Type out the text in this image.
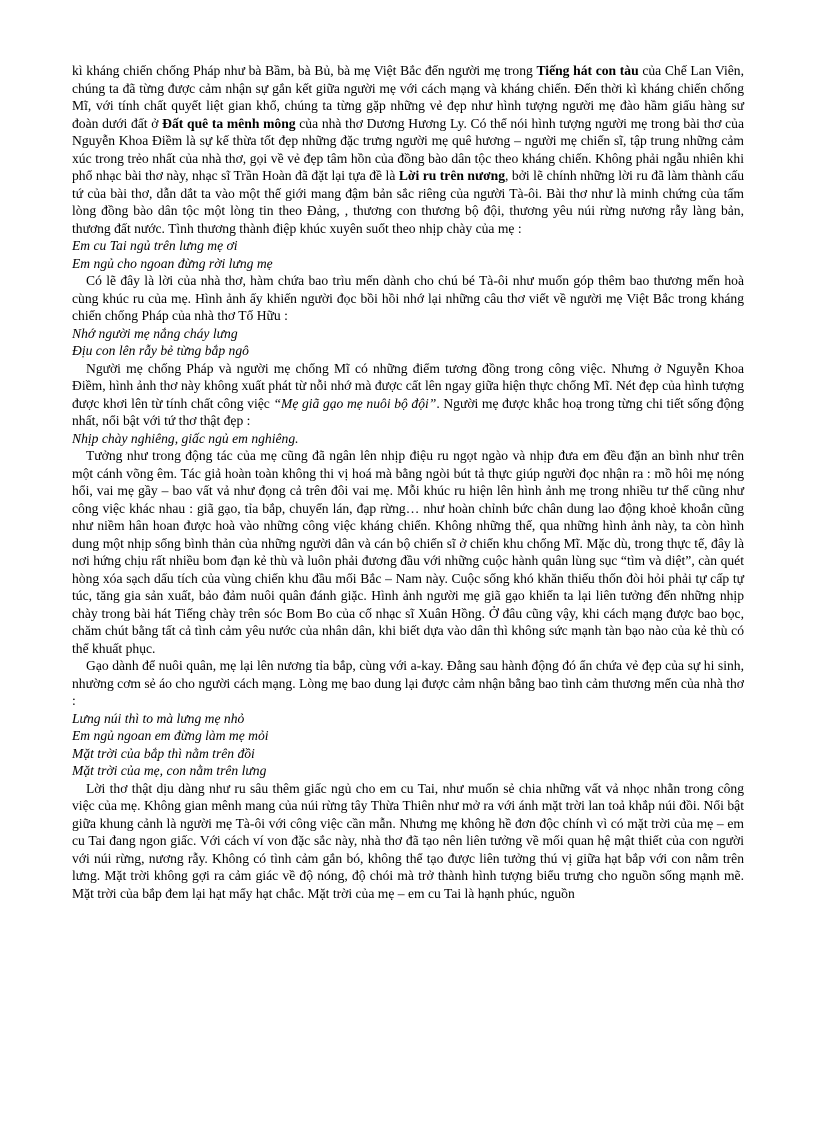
kì kháng chiến chống Pháp như bà Bầm, bà Bủ, bà mẹ Việt Bắc đến người mẹ trong Tiếng hát con tàu của Chế Lan Viên, chúng ta đã từng được cảm nhận sự gắn kết giữa người mẹ với cách mạng và kháng chiến. Đến thời kì kháng chiến chống Mĩ, với tính chất quyết liệt gian khổ, chúng ta từng gặp những vẻ đẹp như hình tượng người mẹ đào hầm giấu hàng sư đoàn dưới đất ở Đất quê ta mênh mông của nhà thơ Dương Hương Ly. Có thể nói hình tượng người mẹ trong bài thơ của Nguyễn Khoa Điềm là sự kế thừa tốt đẹp những đặc trưng người mẹ quê hương – người mẹ chiến sĩ, tập trung những cảm xúc trong trẻo nhất của nhà thơ, gọi về vẻ đẹp tâm hồn của đồng bào dân tộc theo kháng chiến. Không phải ngẫu nhiên khi phổ nhạc bài thơ này, nhạc sĩ Trần Hoàn đã đặt lại tựa đề là Lời ru trên nương, bởi lẽ chính những lời ru đã làm thành cấu tứ của bài thơ, dẫn dắt ta vào một thế giới mang đậm bản sắc riêng của người Tà-ôi. Bài thơ như là minh chứng của tấm lòng đồng bào dân tộc một lòng tin theo Đảng, , thương con thương bộ đội, thương yêu núi rừng nương rẫy làng bản, thương đất nước. Tình thương thành điệp khúc xuyên suốt theo nhịp chày của mẹ :

Em cu Tai ngủ trên lưng mẹ ơi

Em ngủ cho ngoan đừng rời lưng mẹ

Có lẽ đây là lời của nhà thơ, hàm chứa bao trìu mến dành cho chú bé Tà-ôi như muốn góp thêm bao thương mến hoà cùng khúc ru của mẹ. Hình ảnh ấy khiến người đọc bồi hồi nhớ lại những câu thơ viết về người mẹ Việt Bắc trong kháng chiến chống Pháp của nhà thơ Tố Hữu :

Nhớ người mẹ nắng cháy lưng

Địu con lên rẫy bẻ từng bắp ngô

Người mẹ chống Pháp và người mẹ chống Mĩ có những điểm tương đồng trong công việc. Nhưng ở Nguyễn Khoa Điềm, hình ảnh thơ này không xuất phát từ nỗi nhớ mà được cất lên ngay giữa hiện thực chống Mĩ. Nét đẹp của hình tượng được khơi lên từ tính chất công việc “Mẹ giã gạo mẹ nuôi bộ đội”. Người mẹ được khắc hoạ trong từng chi tiết sống động nhất, nổi bật với tứ thơ thật đẹp :

Nhịp chày nghiêng, giấc ngủ em nghiêng.

Tưởng như trong động tác của mẹ cũng đã ngân lên nhịp điệu ru ngọt ngào và nhịp đưa em đều đặn an bình như trên một cánh võng êm. Tác giả hoàn toàn không thi vị hoá mà bằng ngòi bút tả thực giúp người đọc nhận ra : mồ hôi mẹ nóng hổi, vai mẹ gầy – bao vất vả như đọng cả trên đôi vai mẹ. Mỗi khúc ru hiện lên hình ảnh mẹ trong nhiều tư thế cũng như công việc khác nhau : giã gạo, tỉa bắp, chuyển lán, đạp rừng… như hoàn chỉnh bức chân dung lao động khoẻ khoắn cũng như niềm hân hoan được hoà vào những công việc kháng chiến. Không những thế, qua những hình ảnh này, ta còn hình dung một nhịp sống bình thản của những người dân và cán bộ chiến sĩ ở chiến khu chống Mĩ. Mặc dù, trong thực tế, đây là nơi hứng chịu rất nhiều bom đạn kẻ thù và luôn phải đương đầu với những cuộc hành quân lùng sục “tìm và diệt”, càn quét hòng xóa sạch dấu tích của vùng chiến khu đầu mối Bắc – Nam này. Cuộc sống khó khăn thiếu thốn đòi hỏi phải tự cấp tự túc, tăng gia sản xuất, bảo đảm nuôi quân đánh giặc. Hình ảnh người mẹ giã gạo khiến ta lại liên tưởng đến những nhịp chày trong bài hát Tiếng chày trên sóc Bom Bo của cố nhạc sĩ Xuân Hồng. Ở đâu cũng vậy, khi cách mạng được bao bọc, chăm chút bằng tất cả tình cảm yêu nước của nhân dân, khi biết dựa vào dân thì không sức mạnh tàn bạo nào của kẻ thù có thể khuất phục.

Gạo dành để nuôi quân, mẹ lại lên nương tỉa bắp, cùng với a-kay. Đằng sau hành động đó ẩn chứa vẻ đẹp của sự hi sinh, nhường cơm sẻ áo cho người cách mạng. Lòng mẹ bao dung lại được cảm nhận bằng bao tình cảm thương mến của nhà thơ :

Lưng núi thì to mà lưng mẹ nhỏ

Em ngủ ngoan em đừng làm mẹ mỏi

Mặt trời của bắp thì nằm trên đồi

Mặt trời của mẹ, con nằm trên lưng

Lời thơ thật dịu dàng như ru sâu thêm giấc ngủ cho em cu Tai, như muốn sẻ chia những vất vả nhọc nhằn trong công việc của mẹ. Không gian mênh mang của núi rừng tây Thừa Thiên như mở ra với ánh mặt trời lan toả khắp núi đồi. Nổi bật giữa khung cảnh là người mẹ Tà-ôi với công việc cần mẫn. Nhưng mẹ không hề đơn độc chính vì có mặt trời của mẹ – em cu Tai đang ngon giấc. Với cách ví von đặc sắc này, nhà thơ đã tạo nên liên tưởng về mối quan hệ mật thiết của con người với núi rừng, nương rẫy. Không có tình cảm gắn bó, không thể tạo được liên tưởng thú vị giữa hạt bắp với con nằm trên lưng. Mặt trời không gợi ra cảm giác về độ nóng, độ chói mà trở thành hình tượng biểu trưng cho nguồn sống mạnh mẽ. Mặt trời của bắp đem lại hạt mẩy hạt chắc. Mặt trời của mẹ – em cu Tai là hạnh phúc, nguồn
